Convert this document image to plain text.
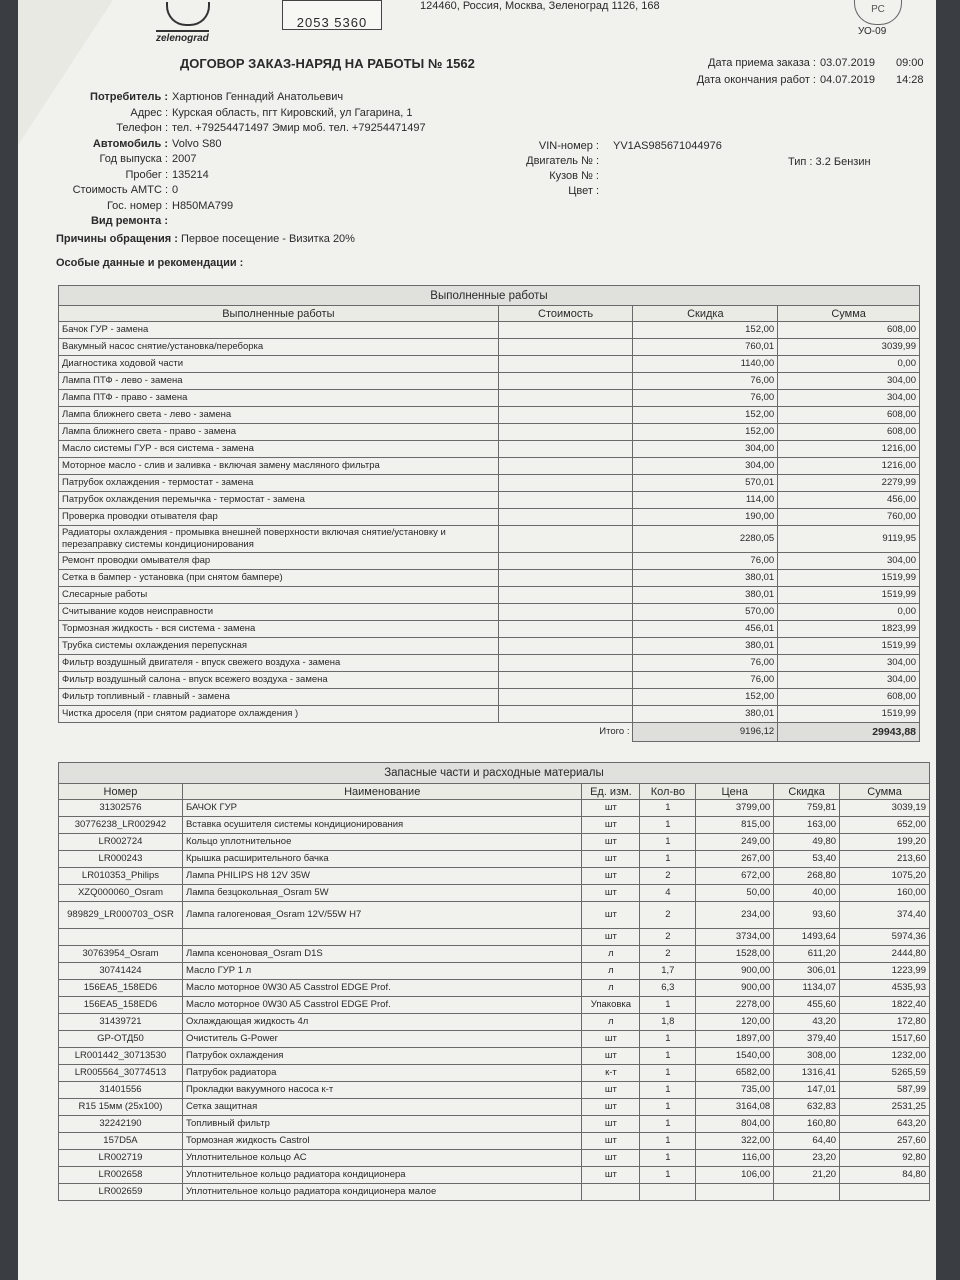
zelenograd
2053 5360
124460, Россия, Москва, Зеленоград 1126, 168	РС
УО-09
ДОГОВОР ЗАКАЗ-НАРЯД НА РАБОТЫ № 1562	Дата приема заказа : 03.07.2019 09:00
Дата окончания работ : 04.07.2019 14:28
Потребитель : Хартюнов Геннадий Анатольевич
Адрес : Курская область, пгт Кировский, ул Гагарина, 1
Телефон : тел. +79254471497 Эмир моб. тел. +79254471497
Автомобиль : Volvo S80
Год выпуска : 2007
Пробег : 135214
Стоимость АМТС : 0
Гос. номер : Н850МА799
Вид ремонта :
VIN-номер : YV1AS985671044976
Двигатель № :
Кузов № :
Цвет :
Тип : 3.2 Бензин
Причины обращения : Первое посещение - Визитка 20%
Особые данные и рекомендации :
Выполненные работы			
Выполненные работы	Стоимость	Скидка	Сумма
Бачок ГУР - замена		152,00	608,00
Вакумный насос снятие/установка/переборка		760,01	3039,99
Диагностика ходовой части		1140,00	0,00
Лампа ПТФ - лево - замена		76,00	304,00
Лампа ПТФ - право - замена		76,00	304,00
Лампа ближнего света - лево - замена		152,00	608,00
Лампа ближнего света - право - замена		152,00	608,00
Масло системы ГУР - вся система - замена		304,00	1216,00
Моторное масло - слив и заливка - включая замену масляного фильтра		304,00	1216,00
Патрубок охлаждения - термостат - замена		570,01	2279,99
Патрубок охлаждения перемычка - термостат - замена		114,00	456,00
Проверка проводки отывателя фар		190,00	760,00
Радиаторы охлаждения - промывка внешней поверхности включая снятие/установку и перезаправку системы кондиционирования		2280,05	9119,95
Ремонт проводки омывателя фар		76,00	304,00
Сетка в бампер - установка (при снятом бампере)		380,01	1519,99
Слесарные работы		380,01	1519,99
Считывание кодов неисправности		570,00	0,00
Тормозная жидкость - вся система - замена		456,01	1823,99
Трубка системы охлаждения перепускная		380,01	1519,99
Фильтр воздушный двигателя - впуск свежего воздуха - замена		76,00	304,00
Фильтр воздушный салона - впуск всежего воздуха - замена		76,00	304,00
Фильтр топливный - главный - замена		152,00	608,00
Чистка дроселя (при снятом радиаторе охлаждения )		380,01	1519,99
	Итого :	9196,12	29943,88
Запасные части и расходные материалы						
Номер	Наименование	Ед. изм.	Кол-во	Цена	Скидка	Сумма
31302576	БАЧОК ГУР	шт	1	3799,00	759,81	3039,19
30776238_LR002942	Вставка осушителя системы кондиционирования	шт	1	815,00	163,00	652,00
LR002724	Кольцо уплотнительное	шт	1	249,00	49,80	199,20
LR000243	Крышка расширительного бачка	шт	1	267,00	53,40	213,60
LR010353_Philips	Лампа PHILIPS H8 12V 35W	шт	2	672,00	268,80	1075,20
XZQ000060_Osram	Лампа безцокольная_Osram 5W	шт	4	50,00	40,00	160,00
989829_LR000703_OSR	Лампа галогеновая_Osram 12V/55W H7	шт	2	234,00	93,60	374,40
		шт	2	3734,00	1493,64	5974,36
30763954_Osram	Лампа ксеноновая_Osram D1S	л	2	1528,00	611,20	2444,80
30741424	Масло ГУР 1 л	л	1,7	900,00	306,01	1223,99
156EA5_158ED6	Масло моторное 0W30 A5 Casstrol EDGE Prof.	л	6,3	900,00	1134,07	4535,93
156EA5_158ED6	Масло моторное 0W30 A5 Casstrol EDGE Prof.	Упаковка	1	2278,00	455,60	1822,40
31439721	Охлаждающая жидкость 4л	л	1,8	120,00	43,20	172,80
GP-ОТД50	Очиститель G-Power	шт	1	1897,00	379,40	1517,60
LR001442_30713530	Патрубок охлаждения	шт	1	1540,00	308,00	1232,00
LR005564_30774513	Патрубок радиатора	к-т	1	6582,00	1316,41	5265,59
31401556	Прокладки вакуумного насоса к-т	шт	1	735,00	147,01	587,99
R15 15мм (25х100)	Сетка защитная	шт	1	3164,08	632,83	2531,25
32242190	Топливный фильтр	шт	1	804,00	160,80	643,20
157D5A	Тормозная жидкость Castrol	шт	1	322,00	64,40	257,60
LR002719	Уплотнительное кольцо АС	шт	1	116,00	23,20	92,80
LR002658	Уплотнительное кольцо радиатора кондиционера	шт	1	106,00	21,20	84,80
LR002659	Уплотнительное кольцо радиатора кондиционера малое					
